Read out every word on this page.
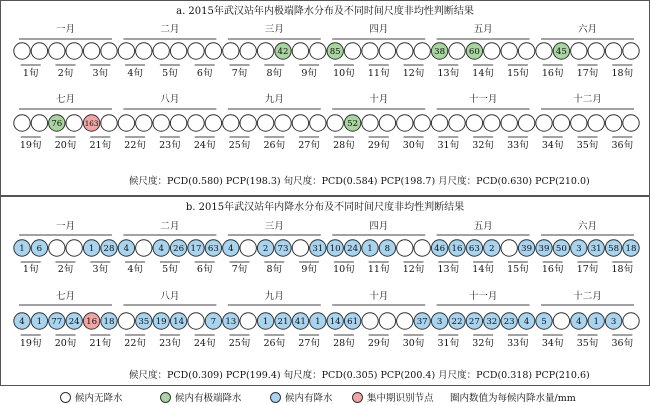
a. 2015年武汉站年内极端降水分布及不同时间尺度非均性判断结果
一月
1旬 2旬 3旬
二月
4旬 5旬 6旬
三月
7旬 8旬 9旬
42
四月
10旬 11旬 12旬
85
五月
13旬 14旬 15旬
38	60
六月
16旬 17旬 18旬
45
七月
19旬 20旬 21旬
76	163
八月
22旬 23旬 24旬
九月
25旬 26旬 27旬
十月
28旬 29旬 30旬
52
十一月
31旬 32旬 33旬
十二月
34旬 35旬 36旬
候尺度：PCD(0.580) PCP(198.3) 旬尺度：PCD(0.584) PCP(198.7) 月尺度：PCD(0.630) PCP(210.0)
b. 2015年武汉站年内降水分布及不同时间尺度非均性判断结果
一月
1旬 2旬 3旬
1 6	1 28
二月
4旬 5旬 6旬
4	4 26 17 63
三月
7旬 8旬 9旬
4	2 73	31
四月
10旬 11旬 12旬
10 24 1 8
五月
13旬 14旬 15旬
46 16 63 2	39
六月
16旬 17旬 18旬
39 50 3 31 58 18
七月
19旬 20旬 21旬
4 1 77 24 16 18
八月
22旬 23旬 24旬
35 19 14	7
九月
25旬 26旬 27旬
13	1 21 41 1
十月
28旬 29旬 30旬
14 61	37
十一月
31旬 32旬 33旬
3 22 27 32 23 4
十二月
34旬 35旬 36旬
5	4 1 3
候尺度：PCD(0.309) PCP(199.4) 旬尺度：PCD(0.305) PCP(200.4) 月尺度：PCD(0.318) PCP(210.6)
候内无降水	候内有极端降水	候内有降水	集中期识别节点 圈内数值为每候内降水量/mm
